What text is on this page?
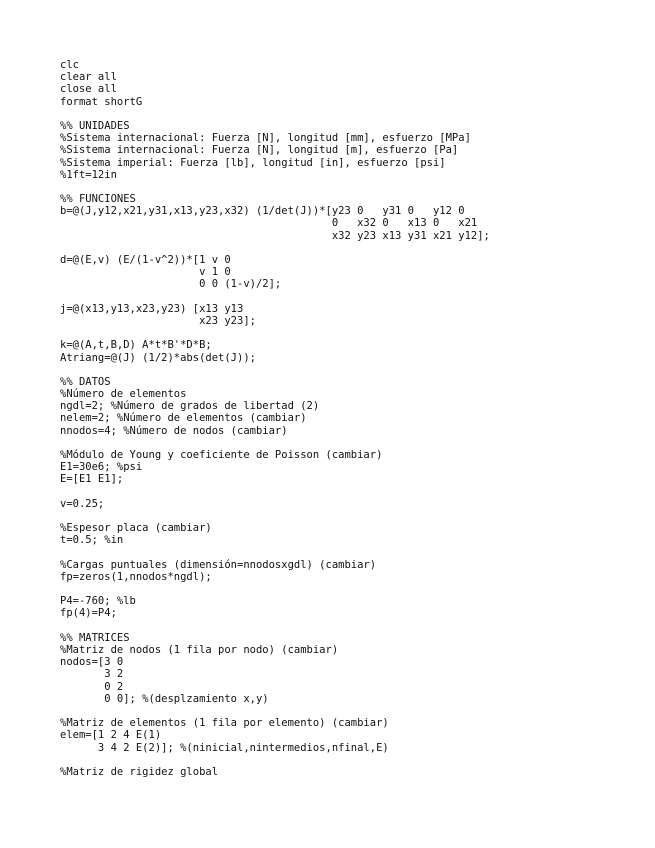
clc
clear all
close all
format shortG
%% UNIDADES
%Sistema internacional: Fuerza [N], longitud [mm], esfuerzo [MPa]
%Sistema internacional: Fuerza [N], longitud [m], esfuerzo [Pa]
%Sistema imperial: Fuerza [lb], longitud [in], esfuerzo [psi]
%1ft=12in
%% FUNCIONES
b=@(J,y12,x21,y31,x13,y23,x32) (1/det(J))*[y23 0   y31 0   y12 0
0   x32 0   x13 0   x21
x32 y23 x13 y31 x21 y12];
d=@(E,v) (E/(1-v^2))*[1 v 0
v 1 0
0 0 (1-v)/2];
j=@(x13,y13,x23,y23) [x13 y13
x23 y23];
k=@(A,t,B,D) A*t*B'*D*B;
Atriang=@(J) (1/2)*abs(det(J));
%% DATOS
%Número de elementos
ngdl=2; %Número de grados de libertad (2)
nelem=2; %Número de elementos (cambiar)
nnodos=4; %Número de nodos (cambiar)
%Módulo de Young y coeficiente de Poisson (cambiar)
E1=30e6; %psi
E=[E1 E1];
v=0.25;
%Espesor placa (cambiar)
t=0.5; %in
%Cargas puntuales (dimensión=nnodosxgdl) (cambiar)
fp=zeros(1,nnodos*ngdl);
P4=-760; %lb
fp(4)=P4;
%% MATRICES
%Matriz de nodos (1 fila por nodo) (cambiar)
nodos=[3 0
3 2
0 2
0 0]; %(desplzamiento x,y)
%Matriz de elementos (1 fila por elemento) (cambiar)
elem=[1 2 4 E(1)
3 4 2 E(2)]; %(ninicial,nintermedios,nfinal,E)
%Matriz de rigidez global
